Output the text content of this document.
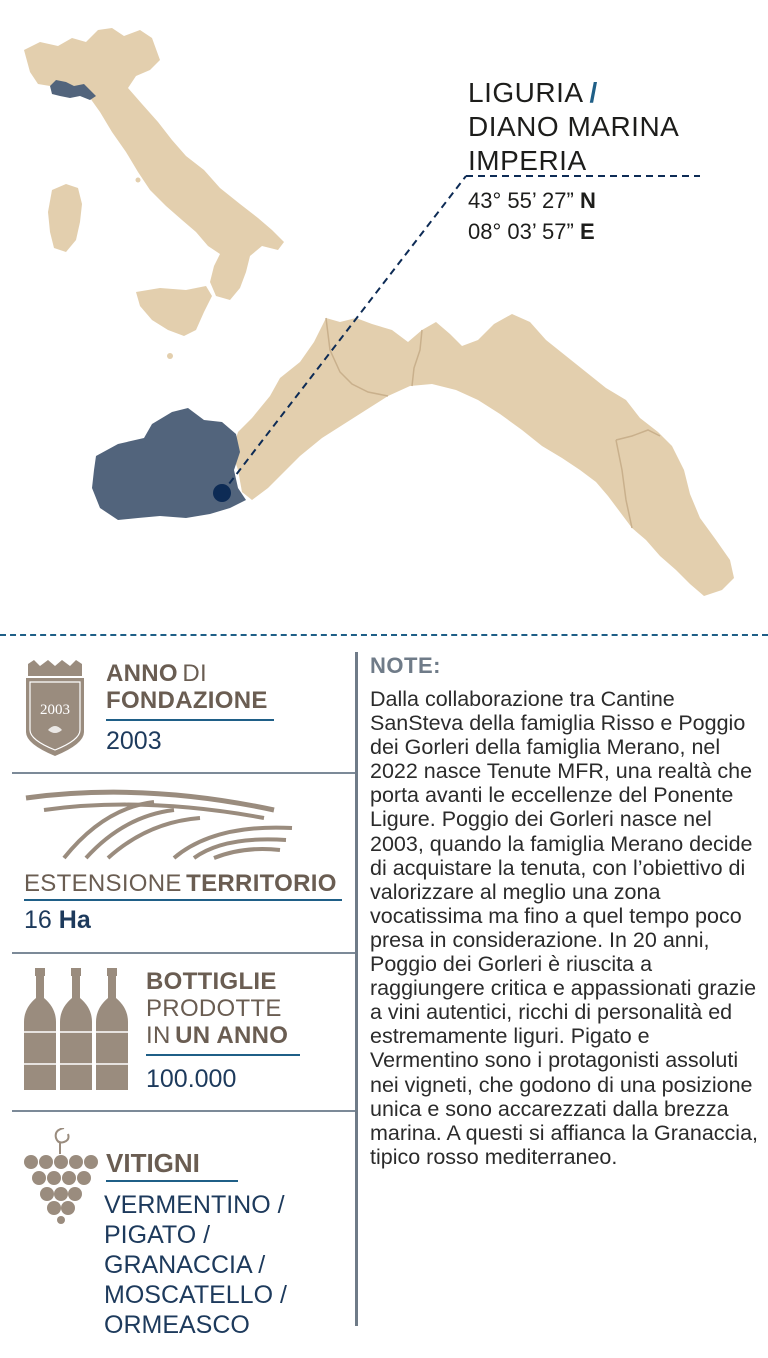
LIGURIA /
DIANO MARINA
IMPERIA
43° 55’ 27” N
08° 03’ 57” E
2003
ANNO DI
FONDAZIONE
2003
ESTENSIONE TERRITORIO
16 Ha
BOTTIGLIE
PRODOTTE
IN UN ANNO
100.000
VITIGNI
VERMENTINO /
PIGATO /
GRANACCIA /
MOSCATELLO /
ORMEASCO
NOTE:
Dalla collaborazione tra Cantine SanSteva della famiglia Risso e Poggio dei Gorleri della famiglia Merano, nel 2022 nasce Tenute MFR, una realtà che porta avanti le eccellenze del Ponente Ligure. Poggio dei Gorleri nasce nel 2003, quando la famiglia Merano decide di acquistare la tenuta, con l’obiettivo di valorizzare al meglio una zona vocatissima ma fino a quel tempo poco presa in considerazione. In 20 anni, Poggio dei Gorleri è riuscita a raggiungere critica e appassionati grazie a vini autentici, ricchi di personalità ed estremamente liguri. Pigato e Vermentino sono i protagonisti assoluti nei vigneti, che godono di una posizione unica e sono accarezzati dalla brezza marina. A questi si affianca la Granaccia, tipico rosso mediterraneo.
